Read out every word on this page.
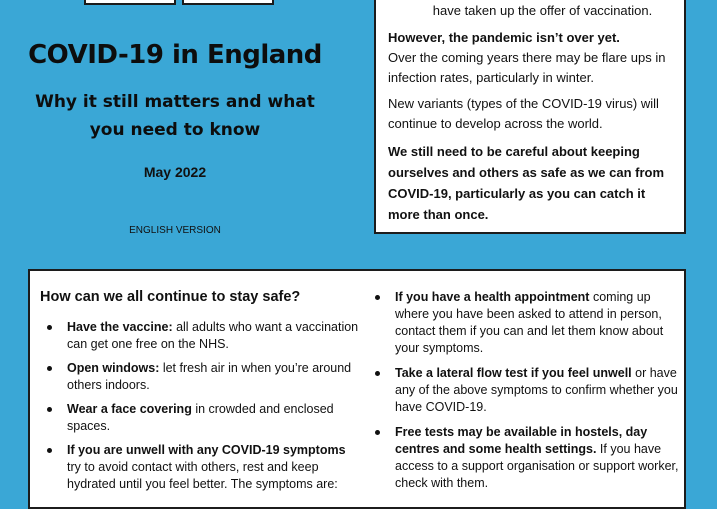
COVID-19 in England
Why it still matters and what
you need to know
May 2022
ENGLISH VERSION

have taken up the offer of vaccination.

However, the pandemic isn’t over yet.
Over the coming years there may be flare ups in infection rates, particularly in winter.

New variants (types of the COVID-19 virus) will continue to develop across the world.

We still need to be careful about keeping ourselves and others as safe as we can from COVID-19, particularly as you can catch it more than once.

How can we all continue to stay safe?
Have the vaccine: all adults who want a vaccination can get one free on the NHS.
Open windows: let fresh air in when you’re around others indoors.
Wear a face covering in crowded and enclosed spaces.
If you are unwell with any COVID-19 symptoms try to avoid contact with others, rest and keep hydrated until you feel better. The symptoms are:
If you have a health appointment coming up where you have been asked to attend in person, contact them if you can and let them know about your symptoms.
Take a lateral flow test if you feel unwell or have any of the above symptoms to confirm whether you have COVID-19.
Free tests may be available in hostels, day centres and some health settings. If you have access to a support organisation or support worker, check with them.
